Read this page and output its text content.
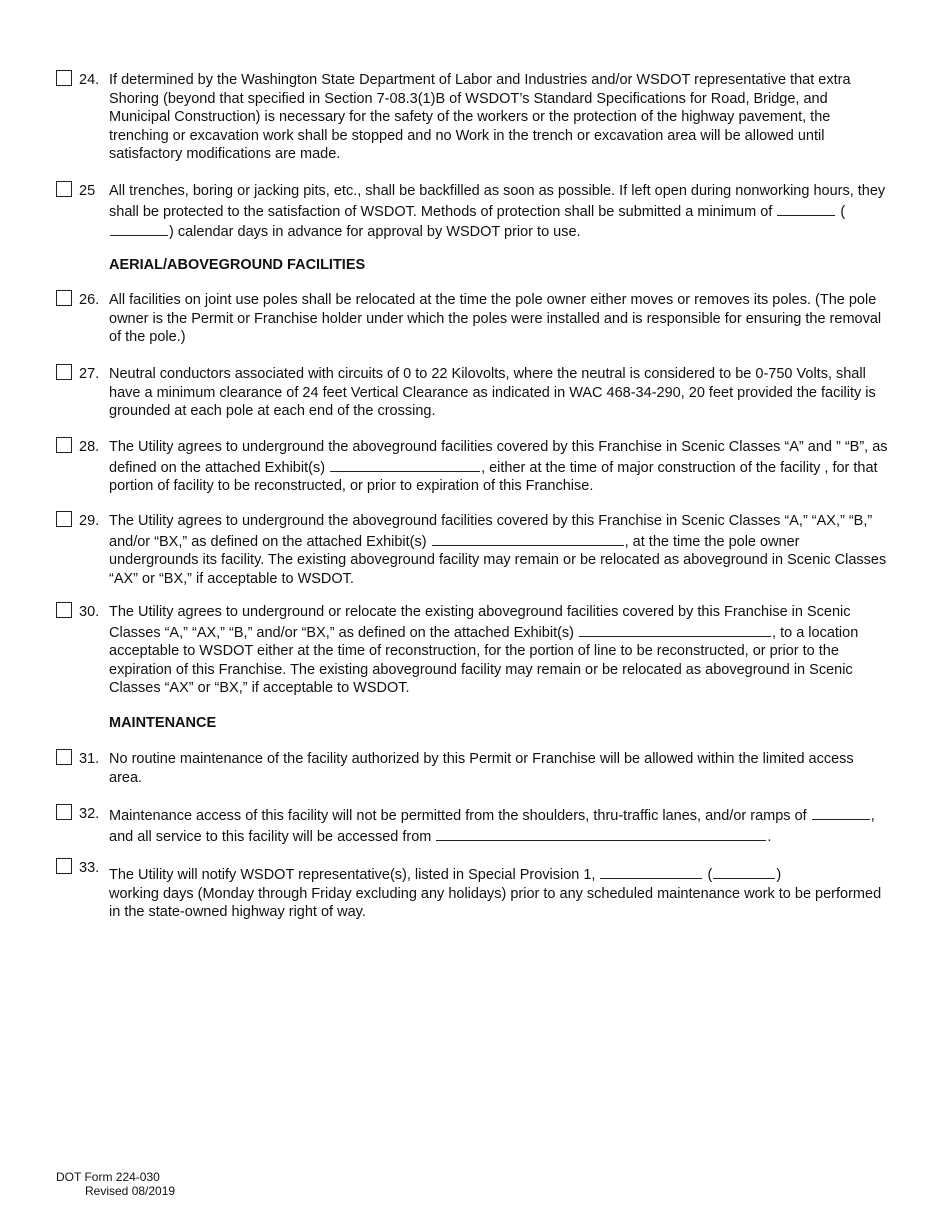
24. If determined by the Washington State Department of Labor and Industries and/or WSDOT representative that extra Shoring (beyond that specified in Section 7-08.3(1)B of WSDOT’s Standard Specifications for Road, Bridge, and Municipal Construction) is necessary for the safety of the workers or the protection of the highway pavement, the trenching or excavation work shall be stopped and no Work in the trench or excavation area will be allowed until satisfactory modifications are made.
25 All trenches, boring or jacking pits, etc., shall be backfilled as soon as possible. If left open during nonworking hours, they shall be protected to the satisfaction of WSDOT. Methods of protection shall be submitted a minimum of	() calendar days in advance for approval by WSDOT prior to use.
AERIAL/ABOVEGROUND FACILITIES
26. All facilities on joint use poles shall be relocated at the time the pole owner either moves or removes its poles. (The pole owner is the Permit or Franchise holder under which the poles were installed and is responsible for ensuring the removal of the pole.)
27. Neutral conductors associated with circuits of 0 to 22 Kilovolts, where the neutral is considered to be 0-750 Volts, shall have a minimum clearance of 24 feet Vertical Clearance as indicated in WAC 468-34-290, 20 feet provided the facility is grounded at each pole at each end of the crossing.
28. The Utility agrees to underground the aboveground facilities covered by this Franchise in Scenic Classes “A” and ” “B”, as defined on the attached Exhibit(s)	, either at the time of major construction of the facility , for that portion of facility to be reconstructed, or prior to expiration of this Franchise.
29. The Utility agrees to underground the aboveground facilities covered by this Franchise in Scenic Classes “A,” “AX,” “B,” and/or “BX,” as defined on the attached Exhibit(s)	, at the time the pole owner undergrounds its facility. The existing aboveground facility may remain or be relocated as aboveground in Scenic Classes “AX” or “BX,” if acceptable to WSDOT.
30. The Utility agrees to underground or relocate the existing aboveground facilities covered by this Franchise in Scenic Classes “A,” “AX,” “B,” and/or “BX,” as defined on the attached Exhibit(s)	, to a location acceptable to WSDOT either at the time of reconstruction, for the portion of line to be reconstructed, or prior to the expiration of this Franchise. The existing aboveground facility may remain or be relocated as aboveground in Scenic Classes “AX” or “BX,” if acceptable to WSDOT.
MAINTENANCE
31. No routine maintenance of the facility authorized by this Permit or Franchise will be allowed within the limited access area.
32. Maintenance access of this facility will not be permitted from the shoulders, thru-traffic lanes, and/or ramps of	, and all service to this facility will be accessed from	.
33. The Utility will notify WSDOT representative(s), listed in Special Provision 1,	(	)
working days (Monday through Friday excluding any holidays) prior to any scheduled maintenance work to be performed in the state-owned highway right of way.
DOT Form 224-030
Revised 08/2019
